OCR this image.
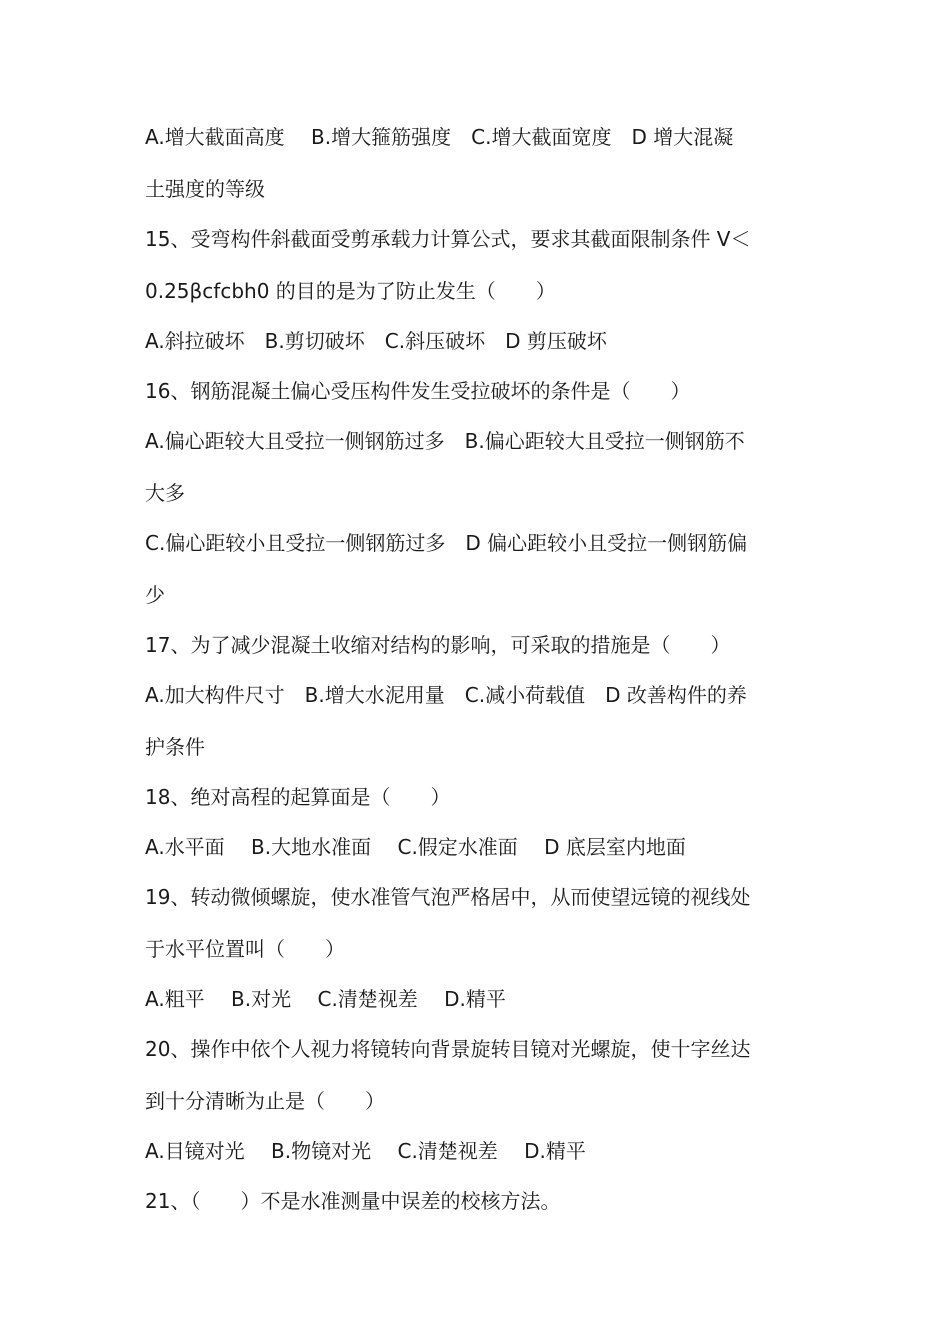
A.增大截面高度　 B.增大箍筋强度　C.增大截面宽度　D 增大混凝
土强度的等级
15、受弯构件斜截面受剪承载力计算公式，要求其截面限制条件 V＜
0.25βcfcbh0 的目的是为了防止发生（　　）
A.斜拉破坏　B.剪切破坏　C.斜压破坏　D 剪压破坏
16、钢筋混凝土偏心受压构件发生受拉破坏的条件是（　　）
A.偏心距较大且受拉一侧钢筋过多　B.偏心距较大且受拉一侧钢筋不
大多
C.偏心距较小且受拉一侧钢筋过多　D 偏心距较小且受拉一侧钢筋偏
少
17、为了减少混凝土收缩对结构的影响，可采取的措施是（　　）
A.加大构件尺寸　B.增大水泥用量　C.减小荷载值　D 改善构件的养
护条件
18、绝对高程的起算面是（　　）
A.水平面　 B.大地水准面　 C.假定水准面　 D 底层室内地面
19、转动微倾螺旋，使水准管气泡严格居中，从而使望远镜的视线处
于水平位置叫（　　）
A.粗平　 B.对光　 C.清楚视差　 D.精平
20、操作中依个人视力将镜转向背景旋转目镜对光螺旋，使十字丝达
到十分清晰为止是（　　）
A.目镜对光　 B.物镜对光　 C.清楚视差　 D.精平
21、（　　）不是水准测量中误差的校核方法。
